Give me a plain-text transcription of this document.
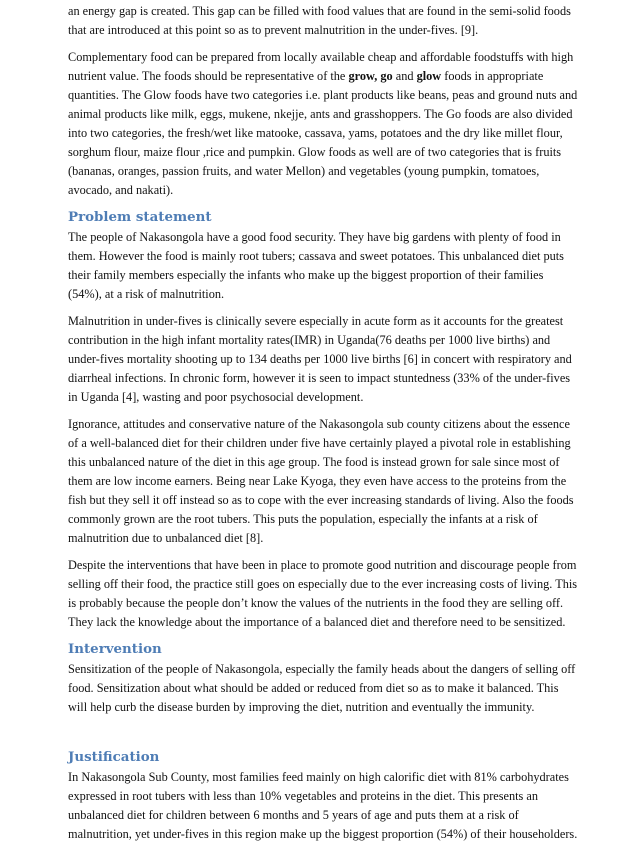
an energy gap is created. This gap can be filled with food values that are found in the semi-solid foods that are introduced at this point so as to prevent malnutrition in the under-fives. [9].

Complementary food can be prepared from locally available cheap and affordable foodstuffs with high nutrient value. The foods should be representative of the grow, go and glow foods in appropriate quantities. The Glow foods have two categories i.e. plant products like beans, peas and ground nuts and animal products like milk, eggs, mukene, nkejje, ants and grasshoppers. The Go foods are also divided into two categories, the fresh/wet like matooke, cassava, yams, potatoes and the dry like millet flour, sorghum flour, maize flour ,rice and pumpkin. Glow foods as well are of two categories that is fruits (bananas, oranges, passion fruits, and water Mellon) and vegetables (young pumpkin, tomatoes, avocado, and nakati).

Problem statement

The people of Nakasongola have a good food security. They have big gardens with plenty of food in them. However the food is mainly root tubers; cassava and sweet potatoes. This unbalanced diet puts their family members especially the infants who make up the biggest proportion of their families (54%), at a risk of malnutrition.

Malnutrition in under-fives is clinically severe especially in acute form as it accounts for the greatest contribution in the high infant mortality rates(IMR) in Uganda(76 deaths per 1000 live births) and under-fives mortality shooting up to 134 deaths per 1000 live births [6] in concert with respiratory and diarrheal infections. In chronic form, however it is seen to impact stuntedness (33% of the under-fives in Uganda [4], wasting and poor psychosocial development.

Ignorance, attitudes and conservative nature of the Nakasongola sub county citizens about the essence of a well-balanced diet for their children under five have certainly played a pivotal role in establishing this unbalanced nature of the diet in this age group. The food is instead grown for sale since most of them are low income earners. Being near Lake Kyoga, they even have access to the proteins from the fish but they sell it off instead so as to cope with the ever increasing standards of living. Also the foods commonly grown are the root tubers. This puts the population, especially the infants at a risk of malnutrition due to unbalanced diet [8].

Despite the interventions that have been in place to promote good nutrition and discourage people from selling off their food, the practice still goes on especially due to the ever increasing costs of living. This is probably because the people don’t know the values of the nutrients in the food they are selling off. They lack the knowledge about the importance of a balanced diet and therefore need to be sensitized.

Intervention

Sensitization of the people of Nakasongola, especially the family heads about the dangers of selling off food. Sensitization about what should be added or reduced from diet so as to make it balanced. This will help curb the disease burden by improving the diet, nutrition and eventually the immunity.

Justification

In Nakasongola Sub County, most families feed mainly on high calorific diet with 81% carbohydrates expressed in root tubers with less than 10% vegetables and proteins in the diet. This presents an unbalanced diet for children between 6 months and 5 years of age and puts them at a risk of malnutrition, yet under-fives in this region make up the biggest proportion (54%) of their householders.
